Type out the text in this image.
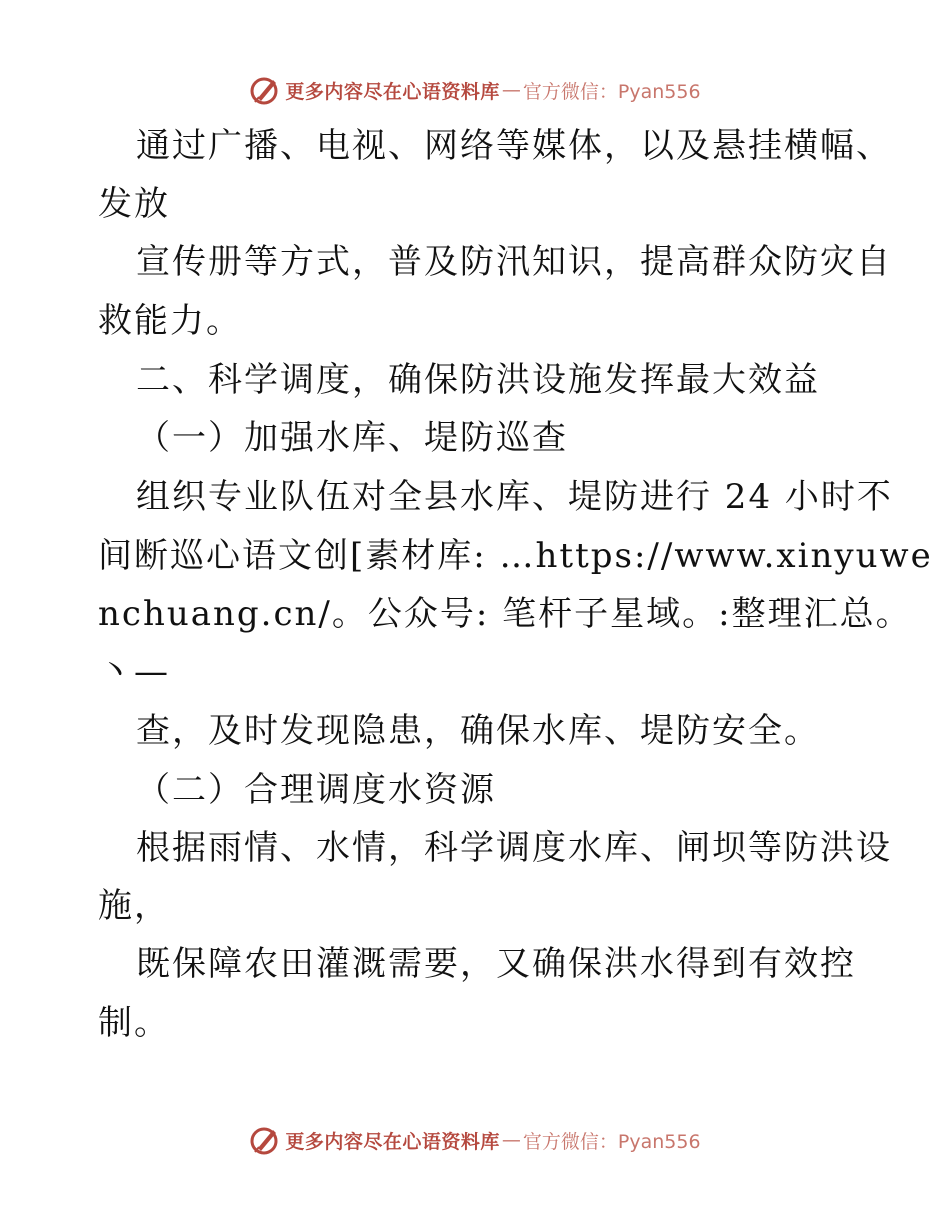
更多内容尽在心语资料库 — 官方微信：Pyan556
通过广播、电视、网络等媒体，以及悬挂横幅、
发放
宣传册等方式，普及防汛知识，提高群众防灾自
救能力。
二、科学调度，确保防洪设施发挥最大效益
（一）加强水库、堤防巡查
组织专业队伍对全县水库、堤防进行 24 小时不
间断巡心语文创[素材库: …https://www.xinyuwe
nchuang.cn/。公众号: 笔杆子星域。:整理汇总。
丶—
查，及时发现隐患，确保水库、堤防安全。
（二）合理调度水资源
根据雨情、水情，科学调度水库、闸坝等防洪设
施，
既保障农田灌溉需要，又确保洪水得到有效控
制。
更多内容尽在心语资料库 — 官方微信：Pyan556
